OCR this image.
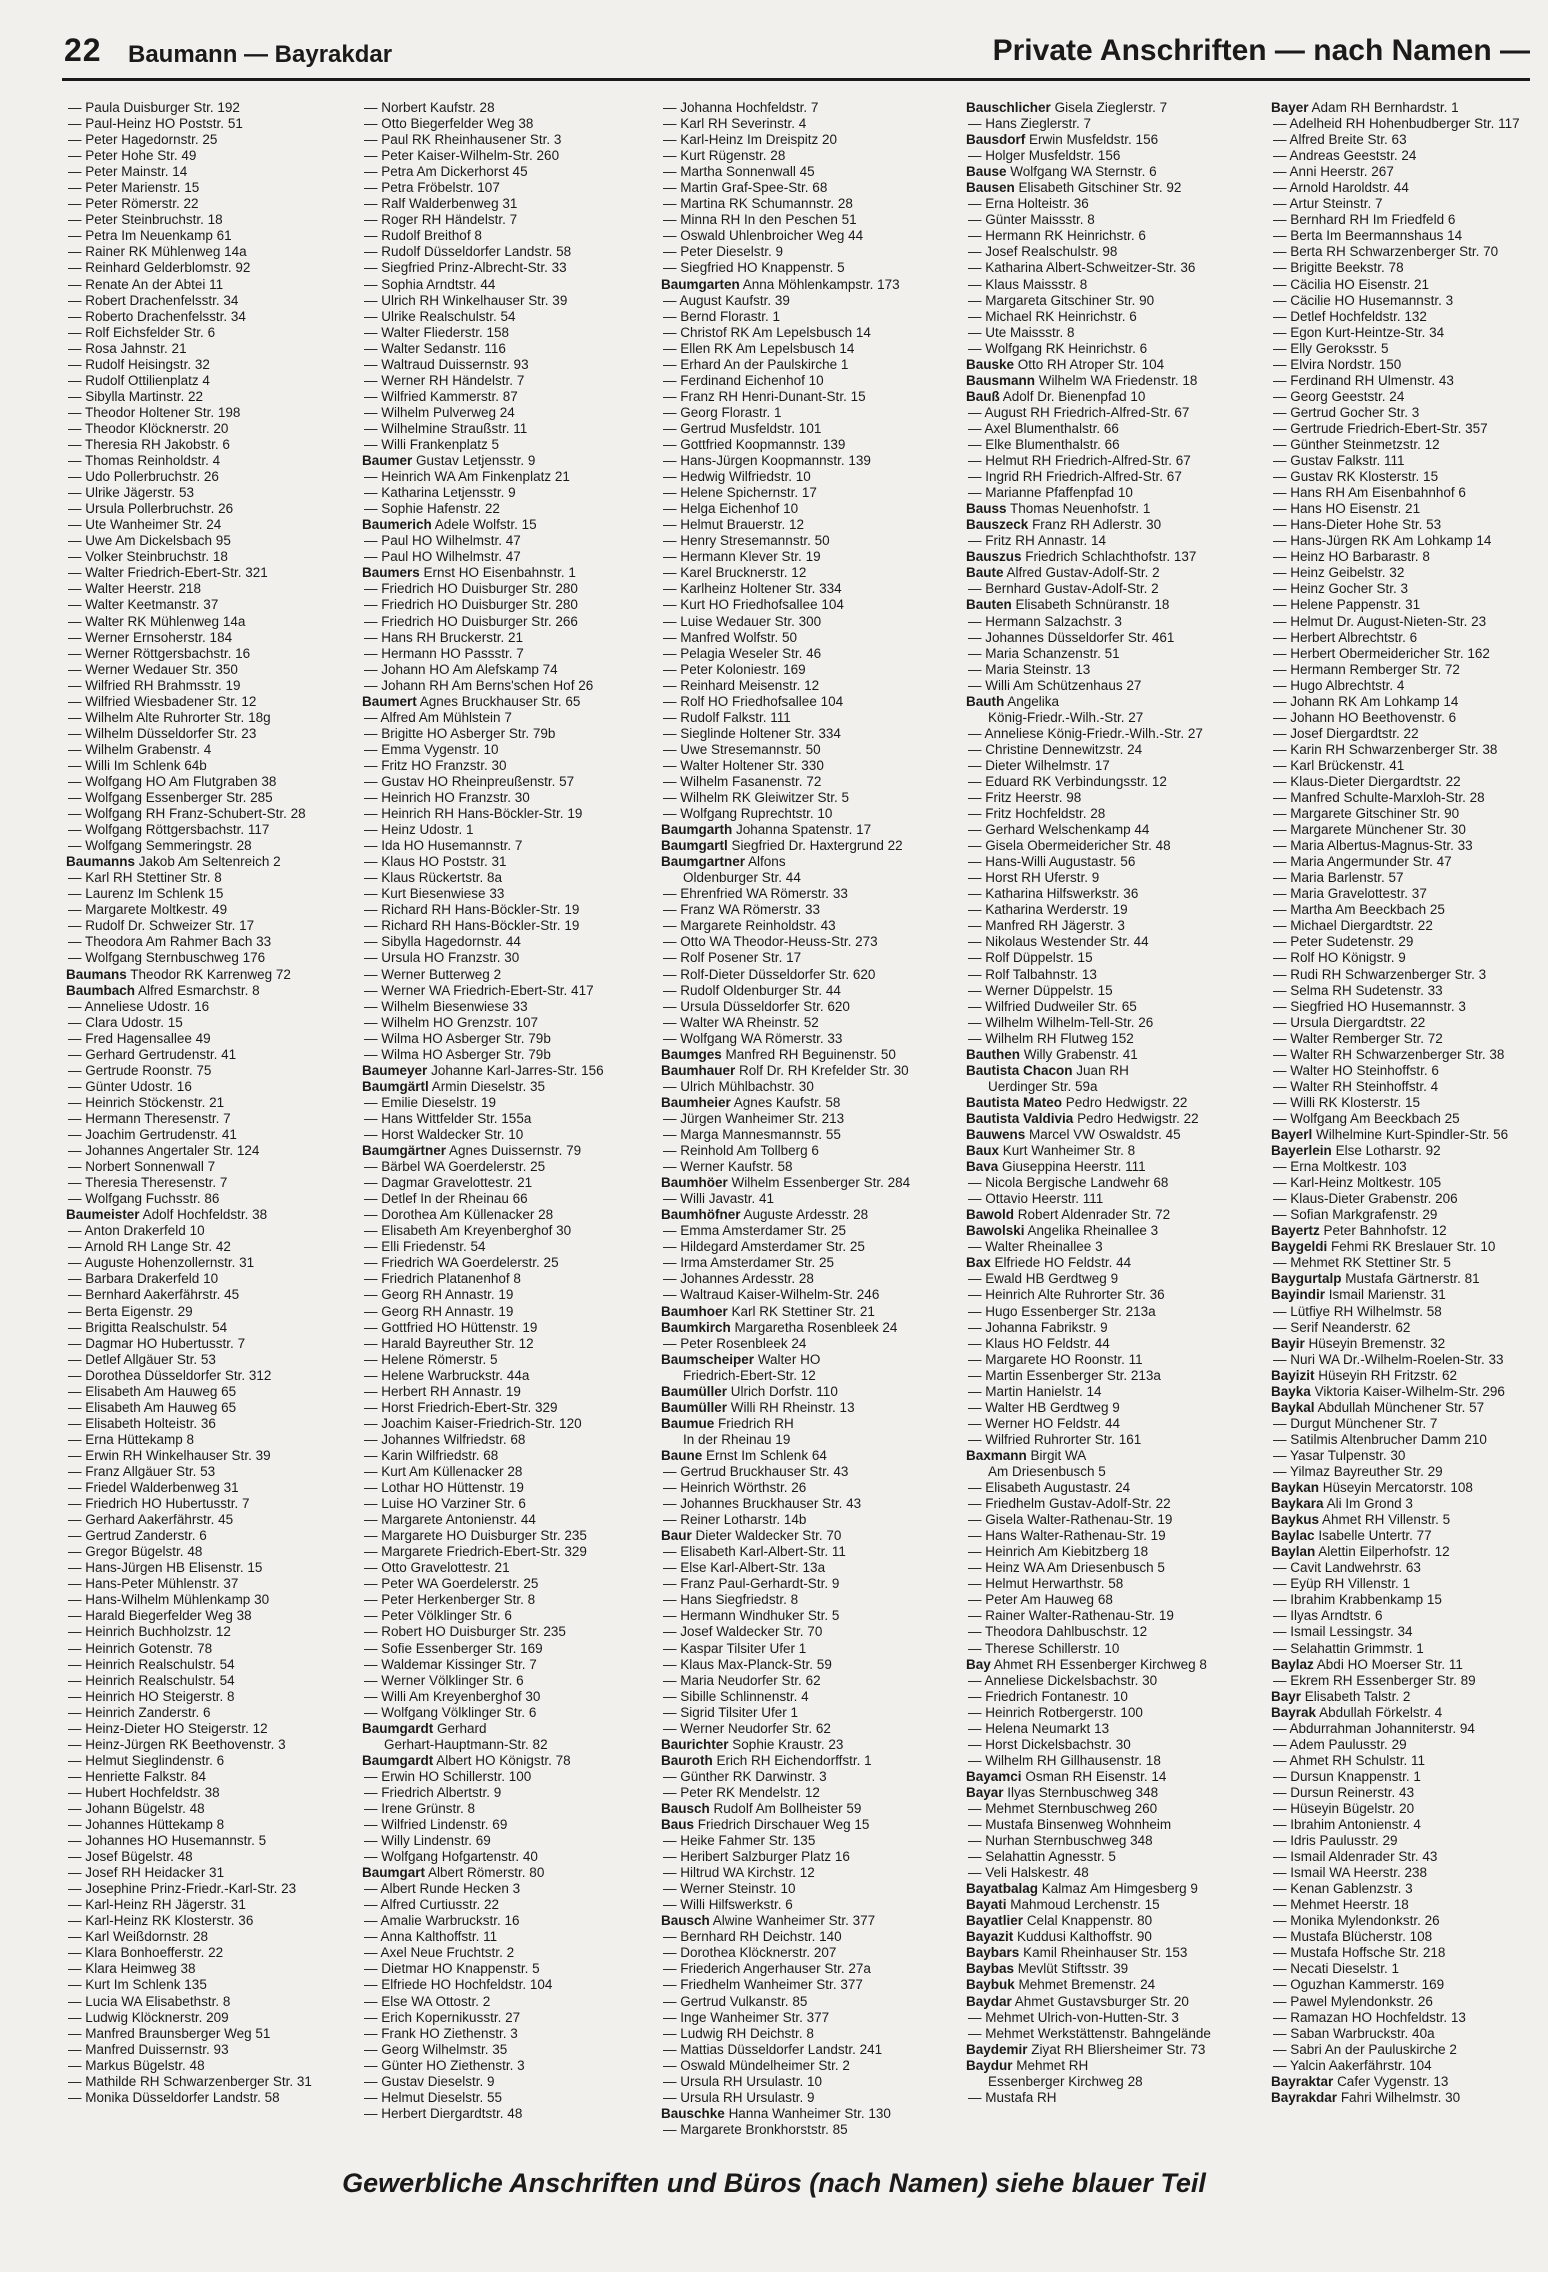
22 Baumann — Bayrakdar	Private Anschriften — nach Namen —
— Paula Duisburger Str. 192
— Paul-Heinz HO Poststr. 51
— Peter Hagedornstr. 25
— Peter Hohe Str. 49
— Peter Mainstr. 14
— Peter Marienstr. 15
— Peter Römerstr. 22
— Peter Steinbruchstr. 18
— Petra Im Neuenkamp 61
— Rainer RK Mühlenweg 14a
— Reinhard Gelderblomstr. 92
— Renate An der Abtei 11
— Robert Drachenfelsstr. 34
— Roberto Drachenfelsstr. 34
— Rolf Eichsfelder Str. 6
— Rosa Jahnstr. 21
— Rudolf Heisingstr. 32
— Rudolf Ottilienplatz 4
— Sibylla Martinstr. 22
— Theodor Holtener Str. 198
— Theodor Klöcknerstr. 20
— Theresia RH Jakobstr. 6
— Thomas Reinholdstr. 4
— Udo Pollerbruchstr. 26
— Ulrike Jägerstr. 53
— Ursula Pollerbruchstr. 26
— Ute Wanheimer Str. 24
— Uwe Am Dickelsbach 95
— Volker Steinbruchstr. 18
— Walter Friedrich-Ebert-Str. 321
— Walter Heerstr. 218
— Walter Keetmanstr. 37
— Walter RK Mühlenweg 14a
— Werner Ernsoherstr. 184
— Werner Röttgersbachstr. 16
— Werner Wedauer Str. 350
— Wilfried RH Brahmsstr. 19
— Wilfried Wiesbadener Str. 12
— Wilhelm Alte Ruhrorter Str. 18g
— Wilhelm Düsseldorfer Str. 23
— Wilhelm Grabenstr. 4
— Willi Im Schlenk 64b
— Wolfgang HO Am Flutgraben 38
— Wolfgang Essenberger Str. 285
— Wolfgang RH Franz-Schubert-Str. 28
— Wolfgang Röttgersbachstr. 117
— Wolfgang Semmeringstr. 28
Baumanns Jakob Am Seltenreich 2
— Karl RH Stettiner Str. 8
— Laurenz Im Schlenk 15
— Margarete Moltkestr. 49
— Rudolf Dr. Schweizer Str. 17
— Theodora Am Rahmer Bach 33
— Wolfgang Sternbuschweg 176
Baumans Theodor RK Karrenweg 72
Baumbach Alfred Esmarchstr. 8
— Anneliese Udostr. 16
— Clara Udostr. 15
— Fred Hagensallee 49
— Gerhard Gertrudenstr. 41
— Gertrude Roonstr. 75
— Günter Udostr. 16
— Heinrich Stöckenstr. 21
— Hermann Theresenstr. 7
— Joachim Gertrudenstr. 41
— Johannes Angertaler Str. 124
— Norbert Sonnenwall 7
— Theresia Theresenstr. 7
— Wolfgang Fuchsstr. 86
Baumeister Adolf Hochfeldstr. 38
— Anton Drakerfeld 10
— Arnold RH Lange Str. 42
— Auguste Hohenzollernstr. 31
— Barbara Drakerfeld 10
— Bernhard Aakerfährstr. 45
— Berta Eigenstr. 29
— Brigitta Realschulstr. 54
— Dagmar HO Hubertusstr. 7
— Detlef Allgäuer Str. 53
— Dorothea Düsseldorfer Str. 312
— Elisabeth Am Hauweg 65
— Elisabeth Am Hauweg 65
— Elisabeth Holteistr. 36
— Erna Hüttekamp 8
— Erwin RH Winkelhauser Str. 39
— Franz Allgäuer Str. 53
— Friedel Walderbenweg 31
— Friedrich HO Hubertusstr. 7
— Gerhard Aakerfährstr. 45
— Gertrud Zanderstr. 6
— Gregor Bügelstr. 48
— Hans-Jürgen HB Elisenstr. 15
— Hans-Peter Mühlenstr. 37
— Hans-Wilhelm Mühlenkamp 30
— Harald Biegerfelder Weg 38
— Heinrich Buchholzstr. 12
— Heinrich Gotenstr. 78
— Heinrich Realschulstr. 54
— Heinrich Realschulstr. 54
— Heinrich HO Steigerstr. 8
— Heinrich Zanderstr. 6
— Heinz-Dieter HO Steigerstr. 12
— Heinz-Jürgen RK Beethovenstr. 3
— Helmut Sieglindenstr. 6
— Henriette Falkstr. 84
— Hubert Hochfeldstr. 38
— Johann Bügelstr. 48
— Johannes Hüttekamp 8
— Johannes HO Husemannstr. 5
— Josef Bügelstr. 48
— Josef RH Heidacker 31
— Josephine Prinz-Friedr.-Karl-Str. 23
— Karl-Heinz RH Jägerstr. 31
— Karl-Heinz RK Klosterstr. 36
— Karl Weißdornstr. 28
— Klara Bonhoefferstr. 22
— Klara Heimweg 38
— Kurt Im Schlenk 135
— Lucia WA Elisabethstr. 8
— Ludwig Klöcknerstr. 209
— Manfred Braunsberger Weg 51
— Manfred Duissernstr. 93
— Markus Bügelstr. 48
— Mathilde RH Schwarzenberger Str. 31
— Monika Düsseldorfer Landstr. 58
— Norbert Kaufstr. 28
— Otto Biegerfelder Weg 38
— Paul RK Rheinhausener Str. 3
— Peter Kaiser-Wilhelm-Str. 260
— Petra Am Dickerhorst 45
— Petra Fröbelstr. 107
— Ralf Walderbenweg 31
— Roger RH Händelstr. 7
— Rudolf Breithof 8
— Rudolf Düsseldorfer Landstr. 58
— Siegfried Prinz-Albrecht-Str. 33
— Sophia Arndtstr. 44
— Ulrich RH Winkelhauser Str. 39
— Ulrike Realschulstr. 54
— Walter Fliederstr. 158
— Walter Sedanstr. 116
— Waltraud Duissernstr. 93
— Werner RH Händelstr. 7
— Wilfried Kammerstr. 87
— Wilhelm Pulverweg 24
— Wilhelmine Straußstr. 11
— Willi Frankenplatz 5
Baumer Gustav Letjensstr. 9
— Heinrich WA Am Finkenplatz 21
— Katharina Letjensstr. 9
— Sophie Hafenstr. 22
Baumerich Adele Wolfstr. 15
— Paul HO Wilhelmstr. 47
— Paul HO Wilhelmstr. 47
Baumers Ernst HO Eisenbahnstr. 1
— Friedrich HO Duisburger Str. 280
— Friedrich HO Duisburger Str. 280
— Friedrich HO Duisburger Str. 266
— Hans RH Bruckerstr. 21
— Hermann HO Passstr. 7
— Johann HO Am Alefskamp 74
— Johann RH Am Berns'schen Hof 26
Baumert Agnes Bruckhauser Str. 65
— Alfred Am Mühlstein 7
— Brigitte HO Asberger Str. 79b
— Emma Vygenstr. 10
— Fritz HO Franzstr. 30
— Gustav HO Rheinpreußenstr. 57
— Heinrich HO Franzstr. 30
— Heinrich RH Hans-Böckler-Str. 19
— Heinz Udostr. 1
— Ida HO Husemannstr. 7
— Klaus HO Poststr. 31
— Klaus Rückertstr. 8a
— Kurt Biesenwiese 33
— Richard RH Hans-Böckler-Str. 19
— Richard RH Hans-Böckler-Str. 19
— Sibylla Hagedornstr. 44
— Ursula HO Franzstr. 30
— Werner Butterweg 2
— Werner WA Friedrich-Ebert-Str. 417
— Wilhelm Biesenwiese 33
— Wilhelm HO Grenzstr. 107
— Wilma HO Asberger Str. 79b
— Wilma HO Asberger Str. 79b
Baumeyer Johanne Karl-Jarres-Str. 156
Baumgärtl Armin Dieselstr. 35
— Emilie Dieselstr. 19
— Hans Wittfelder Str. 155a
— Horst Waldecker Str. 10
Baumgärtner Agnes Duissernstr. 79
— Bärbel WA Goerdelerstr. 25
— Dagmar Gravelottestr. 21
— Detlef In der Rheinau 66
— Dorothea Am Küllenacker 28
— Elisabeth Am Kreyenberghof 30
— Elli Friedenstr. 54
— Friedrich WA Goerdelerstr. 25
— Friedrich Platanenhof 8
— Georg RH Annastr. 19
— Georg RH Annastr. 19
— Gottfried HO Hüttenstr. 19
— Harald Bayreuther Str. 12
— Helene Römerstr. 5
— Helene Warbruckstr. 44a
— Herbert RH Annastr. 19
— Horst Friedrich-Ebert-Str. 329
— Joachim Kaiser-Friedrich-Str. 120
— Johannes Wilfriedstr. 68
— Karin Wilfriedstr. 68
— Kurt Am Küllenacker 28
— Lothar HO Hüttenstr. 19
— Luise HO Varziner Str. 6
— Margarete Antonienstr. 44
— Margarete HO Duisburger Str. 235
— Margarete Friedrich-Ebert-Str. 329
— Otto Gravelottestr. 21
— Peter WA Goerdelerstr. 25
— Peter Herkenberger Str. 8
— Peter Völklinger Str. 6
— Robert HO Duisburger Str. 235
— Sofie Essenberger Str. 169
— Waldemar Kissinger Str. 7
— Werner Völklinger Str. 6
— Willi Am Kreyenberghof 30
— Wolfgang Völklinger Str. 6
Baumgardt Gerhard
Gerhart-Hauptmann-Str. 82
Baumgardt Albert HO Königstr. 78
— Erwin HO Schillerstr. 100
— Friedrich Albertstr. 9
— Irene Grünstr. 8
— Wilfried Lindenstr. 69
— Willy Lindenstr. 69
— Wolfgang Hofgartenstr. 40
Baumgart Albert Römerstr. 80
— Albert Runde Hecken 3
— Alfred Curtiusstr. 22
— Amalie Warbruckstr. 16
— Anna Kalthoffstr. 11
— Axel Neue Fruchtstr. 2
— Dietmar HO Knappenstr. 5
— Elfriede HO Hochfeldstr. 104
— Else WA Ottostr. 2
— Erich Kopernikusstr. 27
— Frank HO Ziethenstr. 3
— Georg Wilhelmstr. 35
— Günter HO Ziethenstr. 3
— Gustav Dieselstr. 9
— Helmut Dieselstr. 55
— Herbert Diergardtstr. 48
— Johanna Hochfeldstr. 7
— Karl RH Severinstr. 4
— Karl-Heinz Im Dreispitz 20
— Kurt Rügenstr. 28
— Martha Sonnenwall 45
— Martin Graf-Spee-Str. 68
— Martina RK Schumannstr. 28
— Minna RH In den Peschen 51
— Oswald Uhlenbroicher Weg 44
— Peter Dieselstr. 9
— Siegfried HO Knappenstr. 5
Baumgarten Anna Möhlenkampstr. 173
— August Kaufstr. 39
— Bernd Florastr. 1
— Christof RK Am Lepelsbusch 14
— Ellen RK Am Lepelsbusch 14
— Erhard An der Paulskirche 1
— Ferdinand Eichenhof 10
— Franz RH Henri-Dunant-Str. 15
— Georg Florastr. 1
— Gertrud Musfeldstr. 101
— Gottfried Koopmannstr. 139
— Hans-Jürgen Koopmannstr. 139
— Hedwig Wilfriedstr. 10
— Helene Spichernstr. 17
— Helga Eichenhof 10
— Helmut Brauerstr. 12
— Henry Stresemannstr. 50
— Hermann Klever Str. 19
— Karel Brucknerstr. 12
— Karlheinz Holtener Str. 334
— Kurt HO Friedhofsallee 104
— Luise Wedauer Str. 300
— Manfred Wolfstr. 50
— Pelagia Weseler Str. 46
— Peter Koloniestr. 169
— Reinhard Meisenstr. 12
— Rolf HO Friedhofsallee 104
— Rudolf Falkstr. 111
— Sieglinde Holtener Str. 334
— Uwe Stresemannstr. 50
— Walter Holtener Str. 330
— Wilhelm Fasanenstr. 72
— Wilhelm RK Gleiwitzer Str. 5
— Wolfgang Ruprechtstr. 10
Baumgarth Johanna Spatenstr. 17
Baumgartl Siegfried Dr. Haxtergrund 22
Baumgartner Alfons
Oldenburger Str. 44
— Ehrenfried WA Römerstr. 33
— Franz WA Römerstr. 33
— Margarete Reinholdstr. 43
— Otto WA Theodor-Heuss-Str. 273
— Rolf Posener Str. 17
— Rolf-Dieter Düsseldorfer Str. 620
— Rudolf Oldenburger Str. 44
— Ursula Düsseldorfer Str. 620
— Walter WA Rheinstr. 52
— Wolfgang WA Römerstr. 33
Baumges Manfred RH Beguinenstr. 50
Baumhauer Rolf Dr. RH Krefelder Str. 30
— Ulrich Mühlbachstr. 30
Baumheier Agnes Kaufstr. 58
— Jürgen Wanheimer Str. 213
— Marga Mannesmannstr. 55
— Reinhold Am Tollberg 6
— Werner Kaufstr. 58
Baumhöer Wilhelm Essenberger Str. 284
— Willi Javastr. 41
Baumhöfner Auguste Ardesstr. 28
— Emma Amsterdamer Str. 25
— Hildegard Amsterdamer Str. 25
— Irma Amsterdamer Str. 25
— Johannes Ardesstr. 28
— Waltraud Kaiser-Wilhelm-Str. 246
Baumhoer Karl RK Stettiner Str. 21
Baumkirch Margaretha Rosenbleek 24
— Peter Rosenbleek 24
Baumscheiper Walter HO
Friedrich-Ebert-Str. 12
Baumüller Ulrich Dorfstr. 110
Baumüller Willi RH Rheinstr. 13
Baumue Friedrich RH
In der Rheinau 19
Baune Ernst Im Schlenk 64
— Gertrud Bruckhauser Str. 43
— Heinrich Wörthstr. 26
— Johannes Bruckhauser Str. 43
— Reiner Lotharstr. 14b
Baur Dieter Waldecker Str. 70
— Elisabeth Karl-Albert-Str. 11
— Else Karl-Albert-Str. 13a
— Franz Paul-Gerhardt-Str. 9
— Hans Siegfriedstr. 8
— Hermann Windhuker Str. 5
— Josef Waldecker Str. 70
— Kaspar Tilsiter Ufer 1
— Klaus Max-Planck-Str. 59
— Maria Neudorfer Str. 62
— Sibille Schlinnenstr. 4
— Sigrid Tilsiter Ufer 1
— Werner Neudorfer Str. 62
Baurichter Sophie Kraustr. 23
Bauroth Erich RH Eichendorffstr. 1
— Günther RK Darwinstr. 3
— Peter RK Mendelstr. 12
Bausch Rudolf Am Bollheister 59
Baus Friedrich Dirschauer Weg 15
— Heike Fahmer Str. 135
— Heribert Salzburger Platz 16
— Hiltrud WA Kirchstr. 12
— Werner Steinstr. 10
— Willi Hilfswerkstr. 6
Bausch Alwine Wanheimer Str. 377
— Bernhard RH Deichstr. 140
— Dorothea Klöcknerstr. 207
— Friederich Angerhauser Str. 27a
— Friedhelm Wanheimer Str. 377
— Gertrud Vulkanstr. 85
— Inge Wanheimer Str. 377
— Ludwig RH Deichstr. 8
— Mattias Düsseldorfer Landstr. 241
— Oswald Mündelheimer Str. 2
— Ursula RH Ursulastr. 10
— Ursula RH Ursulastr. 9
Bauschke Hanna Wanheimer Str. 130
— Margarete Bronkhorststr. 85
Bauschlicher Gisela Zieglerstr. 7
— Hans Zieglerstr. 7
Bausdorf Erwin Musfeldstr. 156
— Holger Musfeldstr. 156
Bause Wolfgang WA Sternstr. 6
Bausen Elisabeth Gitschiner Str. 92
— Erna Holteistr. 36
— Günter Maissstr. 8
— Hermann RK Heinrichstr. 6
— Josef Realschulstr. 98
— Katharina Albert-Schweitzer-Str. 36
— Klaus Maissstr. 8
— Margareta Gitschiner Str. 90
— Michael RK Heinrichstr. 6
— Ute Maissstr. 8
— Wolfgang RK Heinrichstr. 6
Bauske Otto RH Atroper Str. 104
Bausmann Wilhelm WA Friedenstr. 18
Bauß Adolf Dr. Bienenpfad 10
— August RH Friedrich-Alfred-Str. 67
— Axel Blumenthalstr. 66
— Elke Blumenthalstr. 66
— Helmut RH Friedrich-Alfred-Str. 67
— Ingrid RH Friedrich-Alfred-Str. 67
— Marianne Pfaffenpfad 10
Bauss Thomas Neuenhofstr. 1
Bauszeck Franz RH Adlerstr. 30
— Fritz RH Annastr. 14
Bauszus Friedrich Schlachthofstr. 137
Baute Alfred Gustav-Adolf-Str. 2
— Bernhard Gustav-Adolf-Str. 2
Bauten Elisabeth Schnüranstr. 18
— Hermann Salzachstr. 3
— Johannes Düsseldorfer Str. 461
— Maria Schanzenstr. 51
— Maria Steinstr. 13
— Willi Am Schützenhaus 27
Bauth Angelika
König-Friedr.-Wilh.-Str. 27
— Anneliese König-Friedr.-Wilh.-Str. 27
— Christine Dennewitzstr. 24
— Dieter Wilhelmstr. 17
— Eduard RK Verbindungsstr. 12
— Fritz Heerstr. 98
— Fritz Hochfeldstr. 28
— Gerhard Welschenkamp 44
— Gisela Obermeidericher Str. 48
— Hans-Willi Augustastr. 56
— Horst RH Uferstr. 9
— Katharina Hilfswerkstr. 36
— Katharina Werderstr. 19
— Manfred RH Jägerstr. 3
— Nikolaus Westender Str. 44
— Rolf Düppelstr. 15
— Rolf Talbahnstr. 13
— Werner Düppelstr. 15
— Wilfried Dudweiler Str. 65
— Wilhelm Wilhelm-Tell-Str. 26
— Wilhelm RH Flutweg 152
Bauthen Willy Grabenstr. 41
Bautista Chacon Juan RH
Uerdinger Str. 59a
Bautista Mateo Pedro Hedwigstr. 22
Bautista Valdivia Pedro Hedwigstr. 22
Bauwens Marcel VW Oswaldstr. 45
Baux Kurt Wanheimer Str. 8
Bava Giuseppina Heerstr. 111
— Nicola Bergische Landwehr 68
— Ottavio Heerstr. 111
Bawold Robert Aldenrader Str. 72
Bawolski Angelika Rheinallee 3
— Walter Rheinallee 3
Bax Elfriede HO Feldstr. 44
— Ewald HB Gerdtweg 9
— Heinrich Alte Ruhrorter Str. 36
— Hugo Essenberger Str. 213a
— Johanna Fabrikstr. 9
— Klaus HO Feldstr. 44
— Margarete HO Roonstr. 11
— Martin Essenberger Str. 213a
— Martin Hanielstr. 14
— Walter HB Gerdtweg 9
— Werner HO Feldstr. 44
— Wilfried Ruhrorter Str. 161
Baxmann Birgit WA
Am Driesenbusch 5
— Elisabeth Augustastr. 24
— Friedhelm Gustav-Adolf-Str. 22
— Gisela Walter-Rathenau-Str. 19
— Hans Walter-Rathenau-Str. 19
— Heinrich Am Kiebitzberg 18
— Heinz WA Am Driesenbusch 5
— Helmut Herwarthstr. 58
— Peter Am Hauweg 68
— Rainer Walter-Rathenau-Str. 19
— Theodora Dahlbuschstr. 12
— Therese Schillerstr. 10
Bay Ahmet RH Essenberger Kirchweg 8
— Anneliese Dickelsbachstr. 30
— Friedrich Fontanestr. 10
— Heinrich Rotbergerstr. 100
— Helena Neumarkt 13
— Horst Dickelsbachstr. 30
— Wilhelm RH Gillhausenstr. 18
Bayamci Osman RH Eisenstr. 14
Bayar Ilyas Sternbuschweg 348
— Mehmet Sternbuschweg 260
— Mustafa Binsenweg Wohnheim
— Nurhan Sternbuschweg 348
— Selahattin Agnesstr. 5
— Veli Halskestr. 48
Bayatbalag Kalmaz Am Himgesberg 9
Bayati Mahmoud Lerchenstr. 15
Bayatlier Celal Knappenstr. 80
Bayazit Kuddusi Kalthoffstr. 90
Baybars Kamil Rheinhauser Str. 153
Baybas Mevlüt Stiftsstr. 39
Baybuk Mehmet Bremenstr. 24
Baydar Ahmet Gustavsburger Str. 20
— Mehmet Ulrich-von-Hutten-Str. 3
— Mehmet Werkstättenstr. Bahngelände
Baydemir Ziyat RH Bliersheimer Str. 73
Baydur Mehmet RH
Essenberger Kirchweg 28
— Mustafa RH
Bayer Adam RH Bernhardstr. 1
— Adelheid RH Hohenbudberger Str. 117
— Alfred Breite Str. 63
— Andreas Geeststr. 24
— Anni Heerstr. 267
— Arnold Haroldstr. 44
— Artur Steinstr. 7
— Bernhard RH Im Friedfeld 6
— Berta Im Beermannshaus 14
— Berta RH Schwarzenberger Str. 70
— Brigitte Beekstr. 78
— Cäcilia HO Eisenstr. 21
— Cäcilie HO Husemannstr. 3
— Detlef Hochfeldstr. 132
— Egon Kurt-Heintze-Str. 34
— Elly Geroksstr. 5
— Elvira Nordstr. 150
— Ferdinand RH Ulmenstr. 43
— Georg Geeststr. 24
— Gertrud Gocher Str. 3
— Gertrude Friedrich-Ebert-Str. 357
— Günther Steinmetzstr. 12
— Gustav Falkstr. 111
— Gustav RK Klosterstr. 15
— Hans RH Am Eisenbahnhof 6
— Hans HO Eisenstr. 21
— Hans-Dieter Hohe Str. 53
— Hans-Jürgen RK Am Lohkamp 14
— Heinz HO Barbarastr. 8
— Heinz Geibelstr. 32
— Heinz Gocher Str. 3
— Helene Pappenstr. 31
— Helmut Dr. August-Nieten-Str. 23
— Herbert Albrechtstr. 6
— Herbert Obermeidericher Str. 162
— Hermann Remberger Str. 72
— Hugo Albrechtstr. 4
— Johann RK Am Lohkamp 14
— Johann HO Beethovenstr. 6
— Josef Diergardtstr. 22
— Karin RH Schwarzenberger Str. 38
— Karl Brückenstr. 41
— Klaus-Dieter Diergardtstr. 22
— Manfred Schulte-Marxloh-Str. 28
— Margarete Gitschiner Str. 90
— Margarete Münchener Str. 30
— Maria Albertus-Magnus-Str. 33
— Maria Angermunder Str. 47
— Maria Barlenstr. 57
— Maria Gravelottestr. 37
— Martha Am Beeckbach 25
— Michael Diergardtstr. 22
— Peter Sudetenstr. 29
— Rolf HO Königstr. 9
— Rudi RH Schwarzenberger Str. 3
— Selma RH Sudetenstr. 33
— Siegfried HO Husemannstr. 3
— Ursula Diergardtstr. 22
— Walter Remberger Str. 72
— Walter RH Schwarzenberger Str. 38
— Walter HO Steinhoffstr. 6
— Walter RH Steinhoffstr. 4
— Willi RK Klosterstr. 15
— Wolfgang Am Beeckbach 25
Bayerl Wilhelmine Kurt-Spindler-Str. 56
Bayerlein Else Lotharstr. 92
— Erna Moltkestr. 103
— Karl-Heinz Moltkestr. 105
— Klaus-Dieter Grabenstr. 206
— Sofian Markgrafenstr. 29
Bayertz Peter Bahnhofstr. 12
Baygeldi Fehmi RK Breslauer Str. 10
— Mehmet RK Stettiner Str. 5
Baygurtalp Mustafa Gärtnerstr. 81
Bayindir Ismail Marienstr. 31
— Lütfiye RH Wilhelmstr. 58
— Serif Neanderstr. 62
Bayir Hüseyin Bremenstr. 32
— Nuri WA Dr.-Wilhelm-Roelen-Str. 33
Bayizit Hüseyin RH Fritzstr. 62
Bayka Viktoria Kaiser-Wilhelm-Str. 296
Baykal Abdullah Münchener Str. 57
— Durgut Münchener Str. 7
— Satilmis Altenbrucher Damm 210
— Yasar Tulpenstr. 30
— Yilmaz Bayreuther Str. 29
Baykan Hüseyin Mercatorstr. 108
Baykara Ali Im Grond 3
Baykus Ahmet RH Villenstr. 5
Baylac Isabelle Untertr. 77
Baylan Alettin Eilperhofstr. 12
— Cavit Landwehrstr. 63
— Eyüp RH Villenstr. 1
— Ibrahim Krabbenkamp 15
— Ilyas Arndtstr. 6
— Ismail Lessingstr. 34
— Selahattin Grimmstr. 1
Baylaz Abdi HO Moerser Str. 11
— Ekrem RH Essenberger Str. 89
Bayr Elisabeth Talstr. 2
Bayrak Abdullah Förkelstr. 4
— Abdurrahman Johanniterstr. 94
— Adem Paulusstr. 29
— Ahmet RH Schulstr. 11
— Dursun Knappenstr. 1
— Dursun Reinerstr. 43
— Hüseyin Bügelstr. 20
— Ibrahim Antonienstr. 4
— Idris Paulusstr. 29
— Ismail Aldenrader Str. 43
— Ismail WA Heerstr. 238
— Kenan Gablenzstr. 3
— Mehmet Heerstr. 18
— Monika Mylendonkstr. 26
— Mustafa Blücherstr. 108
— Mustafa Hoffsche Str. 218
— Necati Dieselstr. 1
— Oguzhan Kammerstr. 169
— Pawel Mylendonkstr. 26
— Ramazan HO Hochfeldstr. 13
— Saban Warbruckstr. 40a
— Sabri An der Pauluskirche 2
— Yalcin Aakerfährstr. 104
Bayraktar Cafer Vygenstr. 13
Bayrakdar Fahri Wilhelmstr. 30
Gewerbliche Anschriften und Büros (nach Namen) siehe blauer Teil
